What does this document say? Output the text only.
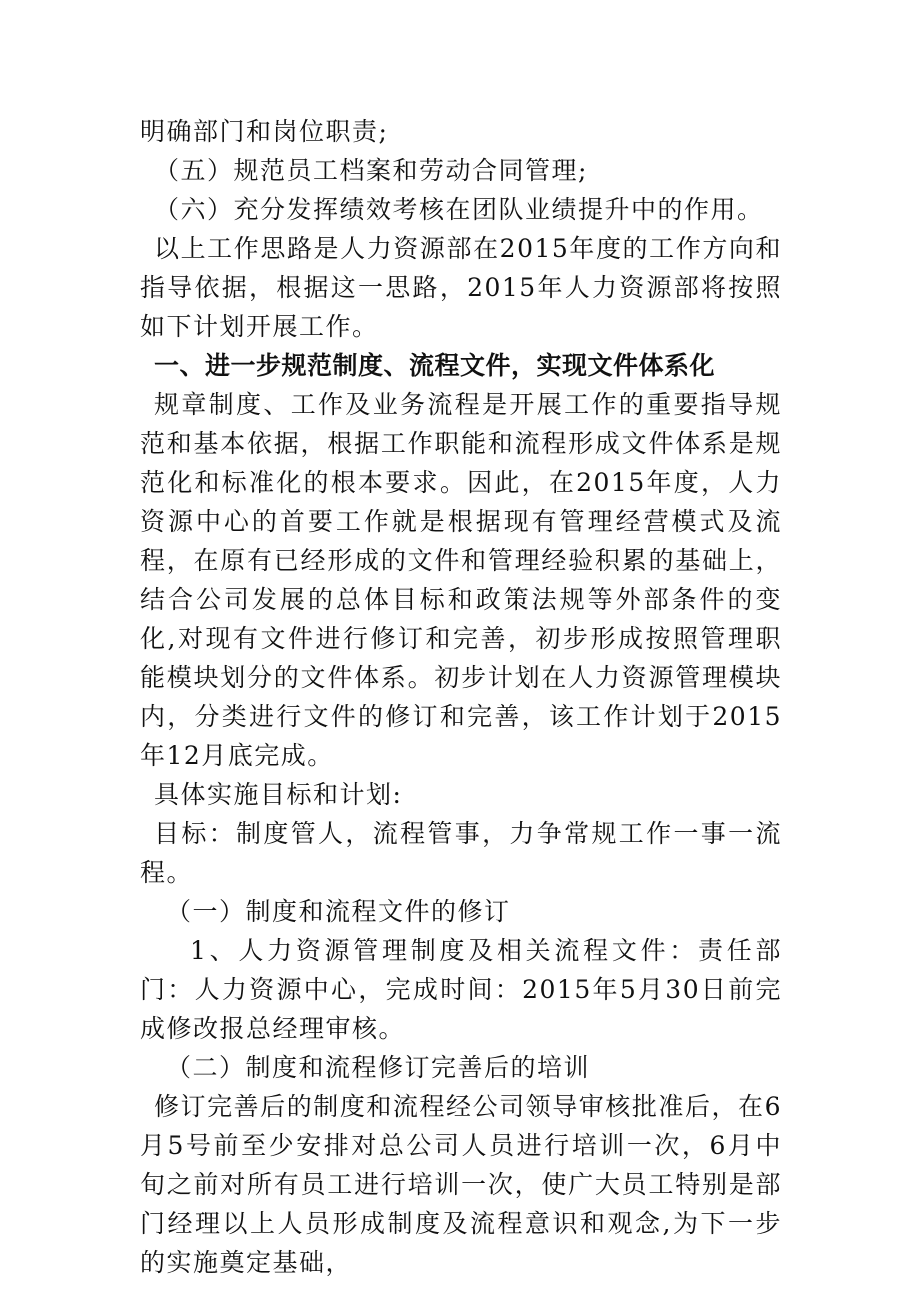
明确部门和岗位职责;

（五）规范员工档案和劳动合同管理;

（六）充分发挥绩效考核在团队业绩提升中的作用。

以上工作思路是人力资源部在2015年度的工作方向和指导依据，根据这一思路，2015年人力资源部将按照如下计划开展工作。

一、进一步规范制度、流程文件，实现文件体系化

规章制度、工作及业务流程是开展工作的重要指导规范和基本依据，根据工作职能和流程形成文件体系是规范化和标准化的根本要求。因此，在2015年度，人力资源中心的首要工作就是根据现有管理经营模式及流程，在原有已经形成的文件和管理经验积累的基础上，结合公司发展的总体目标和政策法规等外部条件的变化,对现有文件进行修订和完善，初步形成按照管理职能模块划分的文件体系。初步计划在人力资源管理模块内，分类进行文件的修订和完善，该工作计划于2015年12月底完成。

具体实施目标和计划:

目标：制度管人，流程管事，力争常规工作一事一流程。

（一）制度和流程文件的修订

1、人力资源管理制度及相关流程文件：责任部门：人力资源中心，完成时间：2015年5月30日前完成修改报总经理审核。

（二）制度和流程修订完善后的培训

修订完善后的制度和流程经公司领导审核批准后，在6月5号前至少安排对总公司人员进行培训一次，6月中旬之前对所有员工进行培训一次，使广大员工特别是部门经理以上人员形成制度及流程意识和观念,为下一步的实施奠定基础，
